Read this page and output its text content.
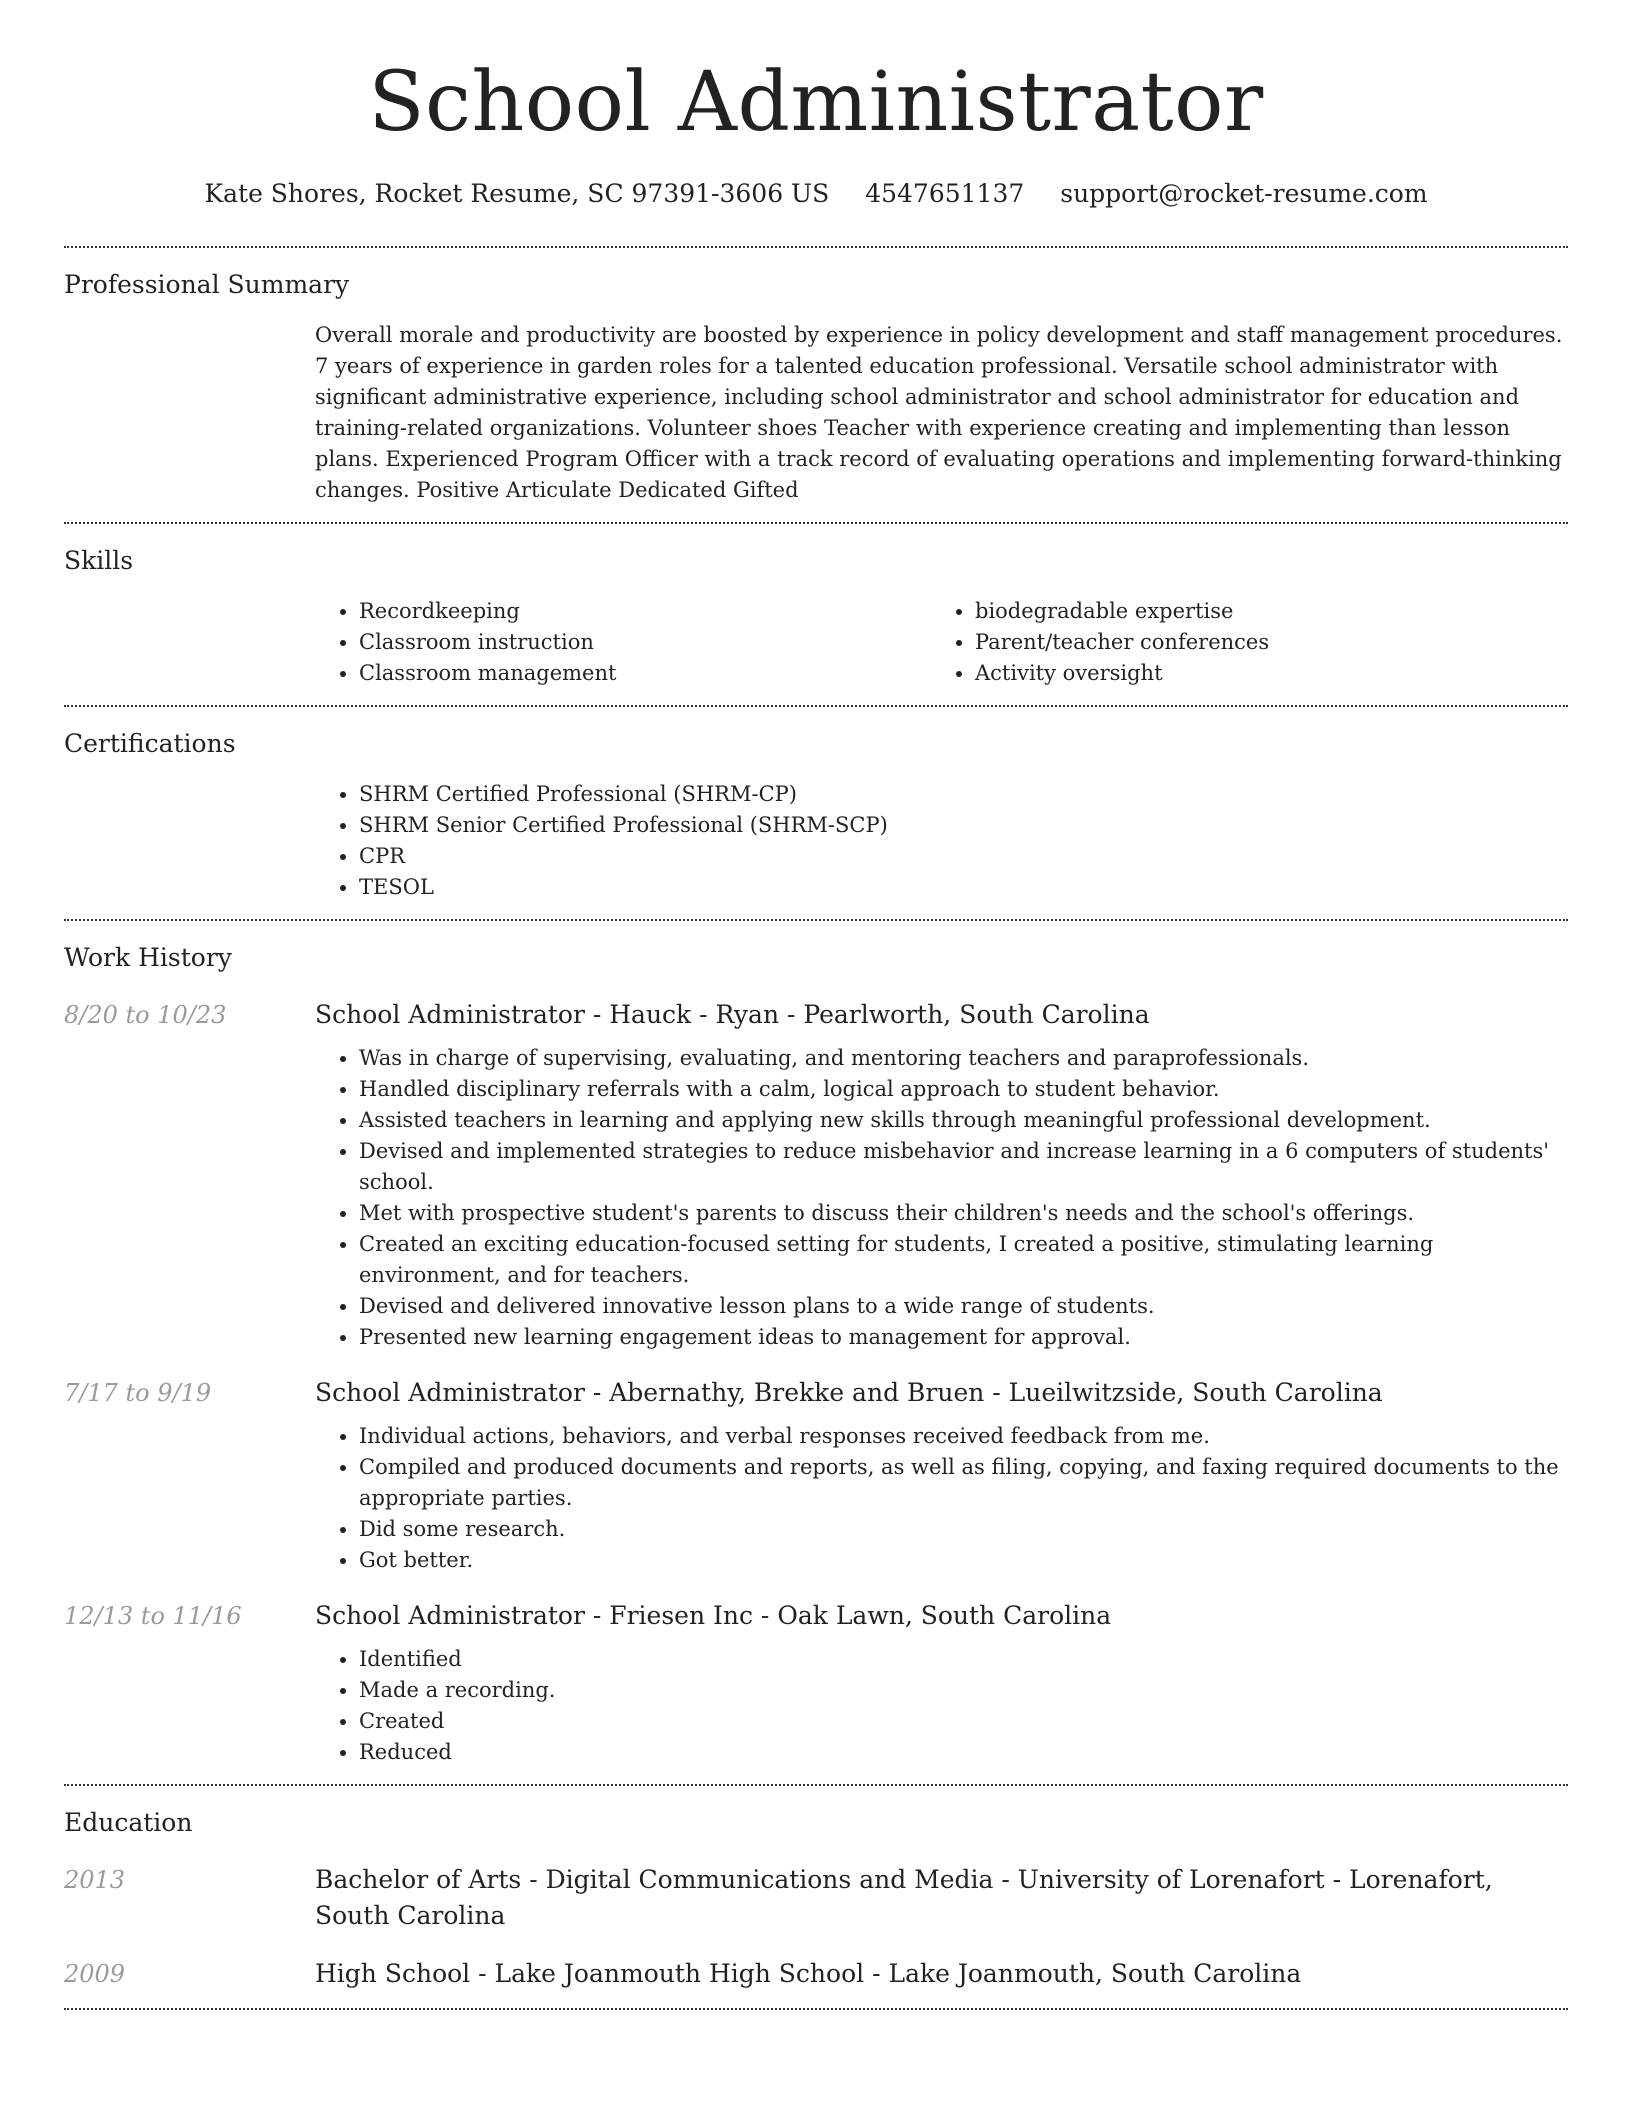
School Administrator
Kate Shores, Rocket Resume, SC 97391-3606 US 4547651137 support@rocket-resume.com
Professional Summary

Overall morale and productivity are boosted by experience in policy development and staff management procedures. 7 years of experience in garden roles for a talented education professional. Versatile school administrator with significant administrative experience, including school administrator and school administrator for education and training-related organizations. Volunteer shoes Teacher with experience creating and implementing than lesson plans. Experienced Program Officer with a track record of evaluating operations and implementing forward-thinking changes. Positive Articulate Dedicated Gifted

Skills
• Recordkeeping
• Classroom instruction
• Classroom management
• biodegradable expertise
• Parent/teacher conferences
• Activity oversight
Certifications
• SHRM Certified Professional (SHRM-CP)
• SHRM Senior Certified Professional (SHRM-SCP)
• CPR
• TESOL
Work History
8/20 to 10/23	School Administrator - Hauck - Ryan - Pearlworth, South Carolina
• Was in charge of supervising, evaluating, and mentoring teachers and paraprofessionals.
• Handled disciplinary referrals with a calm, logical approach to student behavior.
• Assisted teachers in learning and applying new skills through meaningful professional development.
• Devised and implemented strategies to reduce misbehavior and increase learning in a 6 computers of students' school.
• Met with prospective student's parents to discuss their children's needs and the school's offerings.
• Created an exciting education-focused setting for students, I created a positive, stimulating learning environment, and for teachers.
• Devised and delivered innovative lesson plans to a wide range of students.
• Presented new learning engagement ideas to management for approval.
7/17 to 9/19	School Administrator - Abernathy, Brekke and Bruen - Lueilwitzside, South Carolina
• Individual actions, behaviors, and verbal responses received feedback from me.
• Compiled and produced documents and reports, as well as filing, copying, and faxing required documents to the appropriate parties.
• Did some research.
• Got better.
12/13 to 11/16	School Administrator - Friesen Inc - Oak Lawn, South Carolina
• Identified
• Made a recording.
• Created
• Reduced
Education
2013	Bachelor of Arts - Digital Communications and Media - University of Lorenafort - Lorenafort, South Carolina
2009	High School - Lake Joanmouth High School - Lake Joanmouth, South Carolina
